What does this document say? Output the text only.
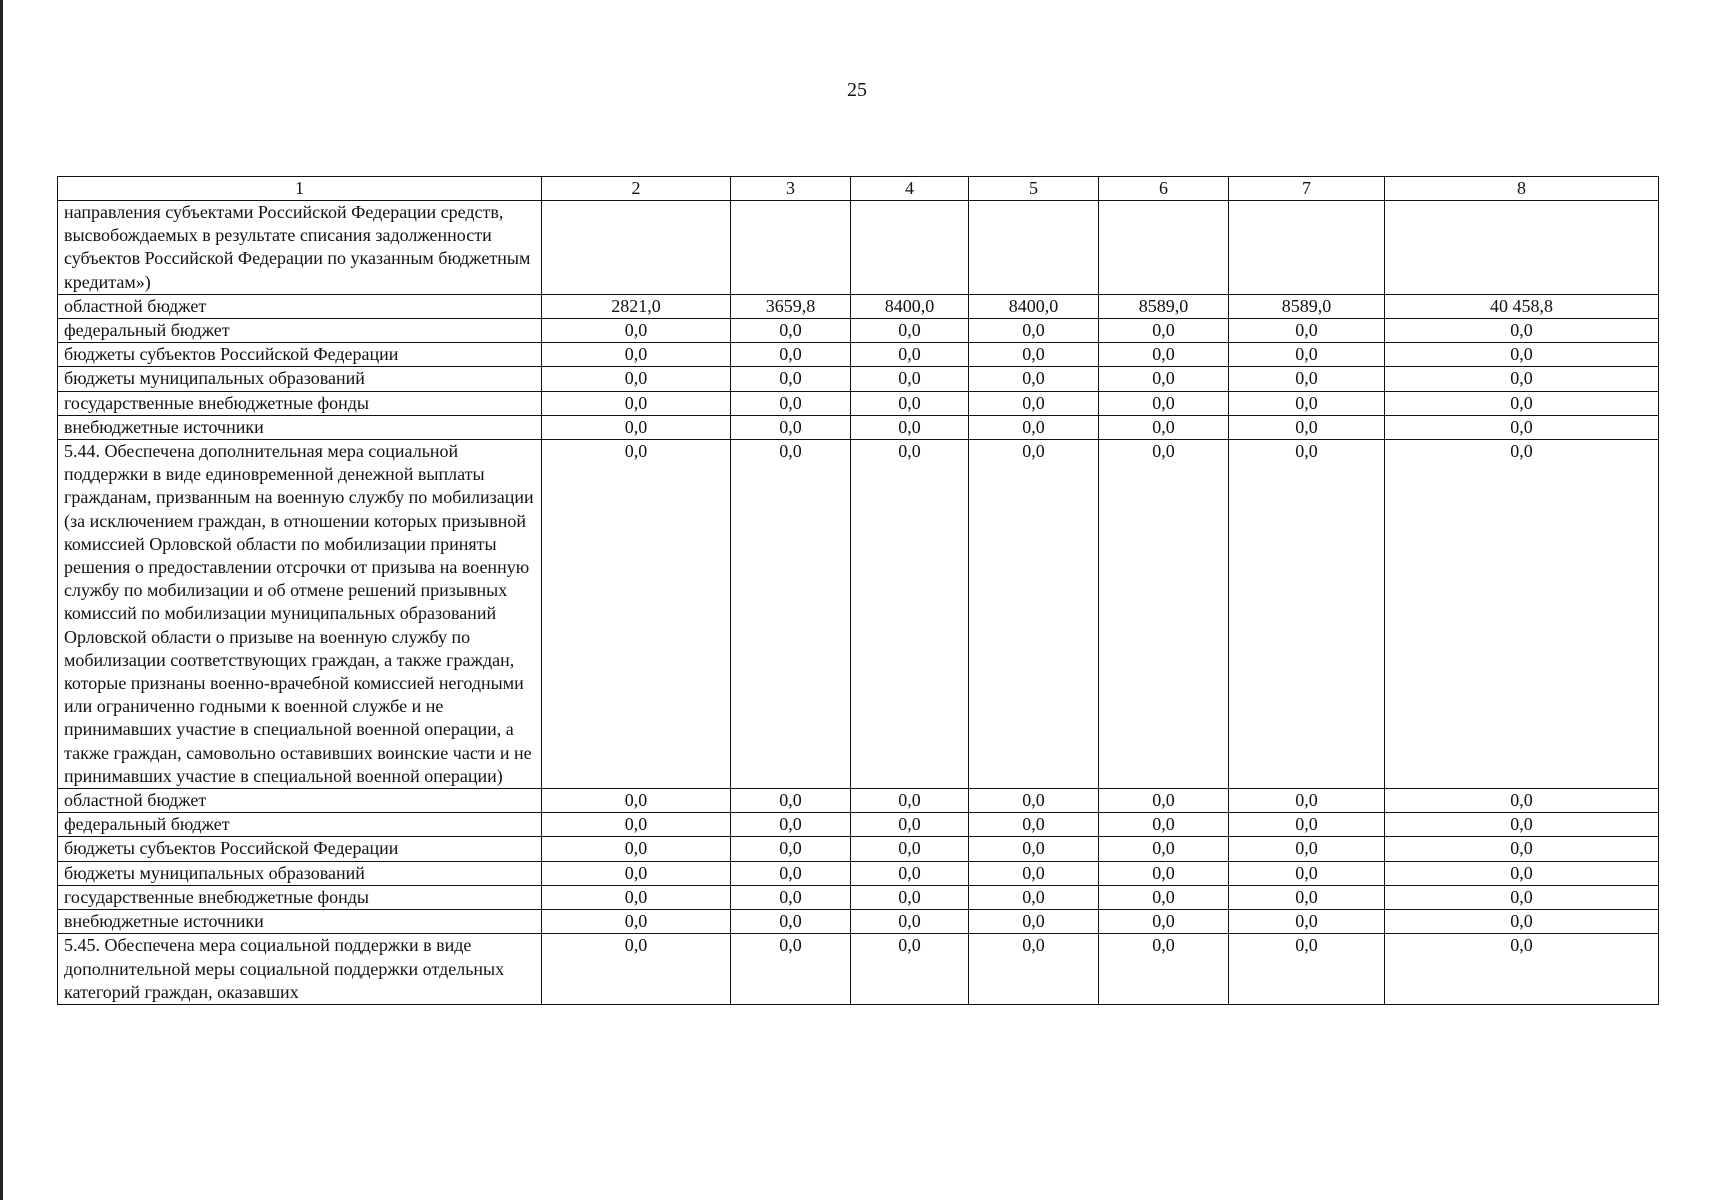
25
1	2	3	4	5	6	7	8
направления субъектами Российской Федерации средств, высвобождаемых в результате списания задолженности субъектов Российской Федерации по указанным бюджетным кредитам»)							
областной бюджет	2821,0	3659,8	8400,0	8400,0	8589,0	8589,0	40 458,8
федеральный бюджет	0,0	0,0	0,0	0,0	0,0	0,0	0,0
бюджеты субъектов Российской Федерации	0,0	0,0	0,0	0,0	0,0	0,0	0,0
бюджеты муниципальных образований	0,0	0,0	0,0	0,0	0,0	0,0	0,0
государственные внебюджетные фонды	0,0	0,0	0,0	0,0	0,0	0,0	0,0
внебюджетные источники	0,0	0,0	0,0	0,0	0,0	0,0	0,0
5.44. Обеспечена дополнительная мера социальной поддержки в виде единовременной денежной выплаты гражданам, призванным на военную службу по мобилизации (за исключением граждан, в отношении которых призывной комиссией Орловской области по мобилизации приняты решения о предоставлении отсрочки от призыва на военную службу по мобилизации и об отмене решений призывных комиссий по мобилизации муниципальных образований Орловской области о призыве на военную службу по мобилизации соответствующих граждан, а также граждан, которые признаны военно-врачебной комиссией негодными или ограниченно годными к военной службе и не принимавших участие в специальной военной операции, а также граждан, самовольно оставивших воинские части и не принимавших участие в специальной военной операции)	0,0	0,0	0,0	0,0	0,0	0,0	0,0
областной бюджет	0,0	0,0	0,0	0,0	0,0	0,0	0,0
федеральный бюджет	0,0	0,0	0,0	0,0	0,0	0,0	0,0
бюджеты субъектов Российской Федерации	0,0	0,0	0,0	0,0	0,0	0,0	0,0
бюджеты муниципальных образований	0,0	0,0	0,0	0,0	0,0	0,0	0,0
государственные внебюджетные фонды	0,0	0,0	0,0	0,0	0,0	0,0	0,0
внебюджетные источники	0,0	0,0	0,0	0,0	0,0	0,0	0,0
5.45. Обеспечена мера социальной поддержки в виде дополнительной меры социальной поддержки отдельных категорий граждан, оказавших	0,0	0,0	0,0	0,0	0,0	0,0	0,0
